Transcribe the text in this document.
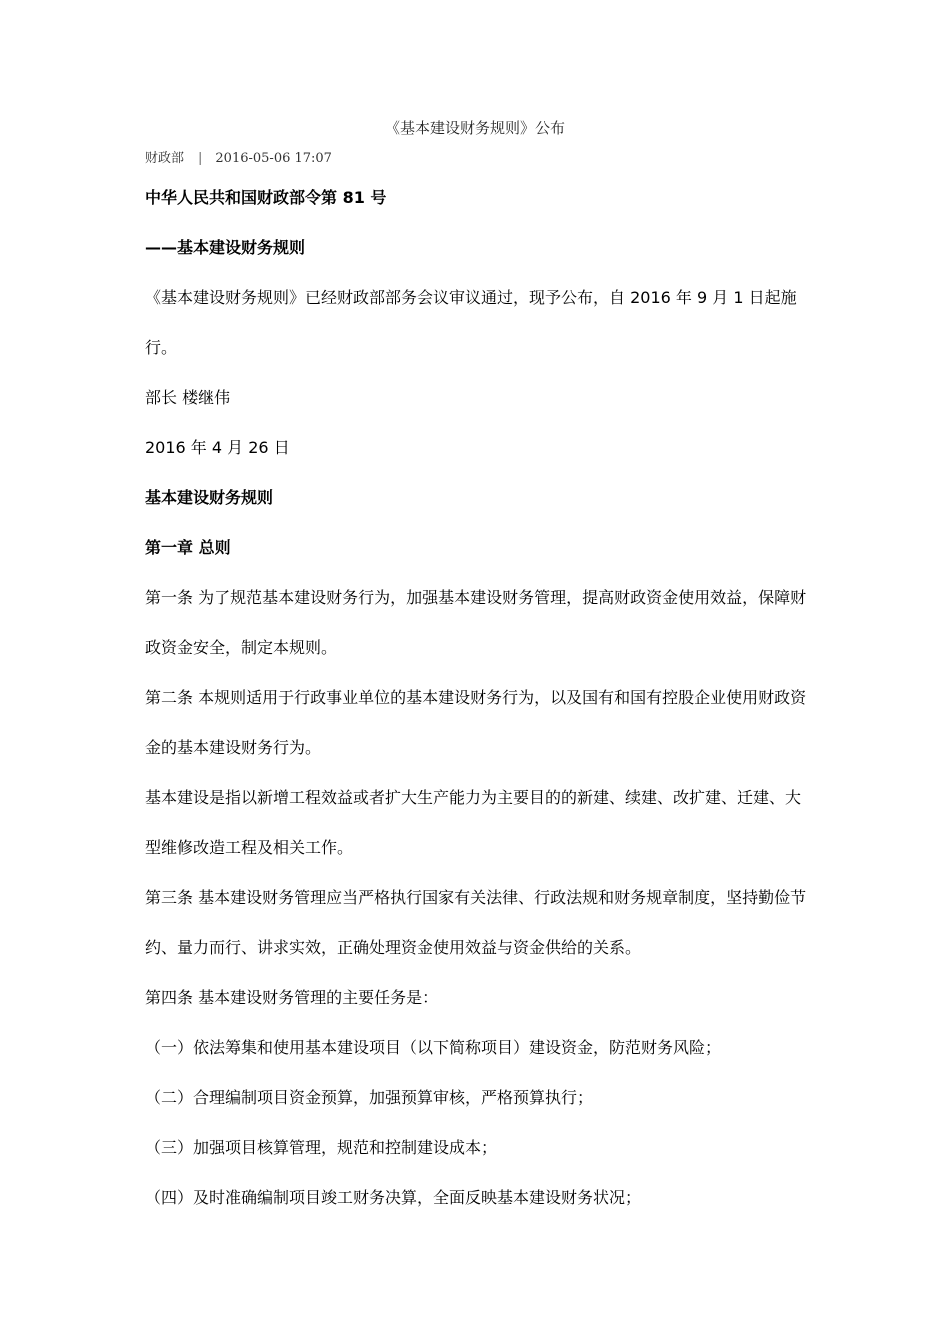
《基本建设财务规则》公布
财政部 | 2016-05-06 17:07

中华人民共和国财政部令第 81 号

——基本建设财务规则

《基本建设财务规则》已经财政部部务会议审议通过，现予公布，自 2016 年 9 月 1 日起施行。

部长 楼继伟

2016 年 4 月 26 日

基本建设财务规则

第一章 总则

第一条 为了规范基本建设财务行为，加强基本建设财务管理，提高财政资金使用效益，保障财政资金安全，制定本规则。

第二条 本规则适用于行政事业单位的基本建设财务行为，以及国有和国有控股企业使用财政资金的基本建设财务行为。

基本建设是指以新增工程效益或者扩大生产能力为主要目的的新建、续建、改扩建、迁建、大型维修改造工程及相关工作。

第三条 基本建设财务管理应当严格执行国家有关法律、行政法规和财务规章制度，坚持勤俭节约、量力而行、讲求实效，正确处理资金使用效益与资金供给的关系。

第四条 基本建设财务管理的主要任务是：

（一）依法筹集和使用基本建设项目（以下简称项目）建设资金，防范财务风险；

（二）合理编制项目资金预算，加强预算审核，严格预算执行；

（三）加强项目核算管理，规范和控制建设成本；

（四）及时准确编制项目竣工财务决算，全面反映基本建设财务状况；
